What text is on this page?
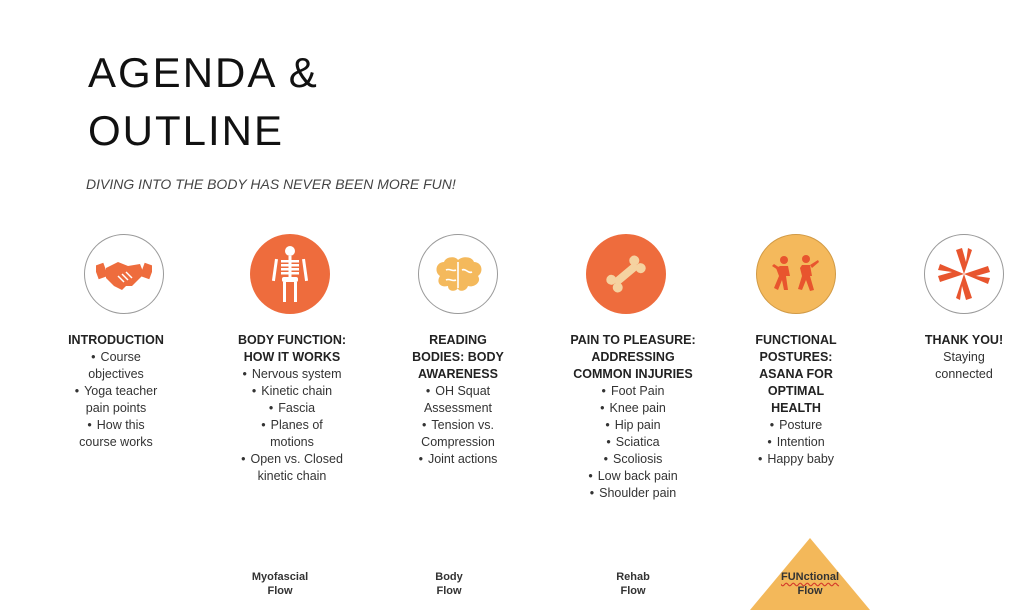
AGENDA &
OUTLINE
DIVING INTO THE BODY HAS NEVER BEEN MORE FUN!
INTRODUCTION
• Course objectives
• Yoga teacher pain points
• How this course works
BODY FUNCTION: HOW IT WORKS
• Nervous system
• Kinetic chain
• Fascia
• Planes of motions
• Open vs. Closed kinetic chain
READING BODIES: BODY AWARENESS
• OH Squat Assessment
• Tension vs. Compression
• Joint actions
PAIN TO PLEASURE: ADDRESSING COMMON INJURIES
• Foot Pain
• Knee pain
• Hip pain
• Sciatica
• Scoliosis
• Low back pain
• Shoulder pain
FUNCTIONAL POSTURES: ASANA FOR OPTIMAL HEALTH
• Posture
• Intention
• Happy baby
THANK YOU!
Staying connected
Myofascial
Flow
Body
Flow
Rehab
Flow
FUNctional
Flow
